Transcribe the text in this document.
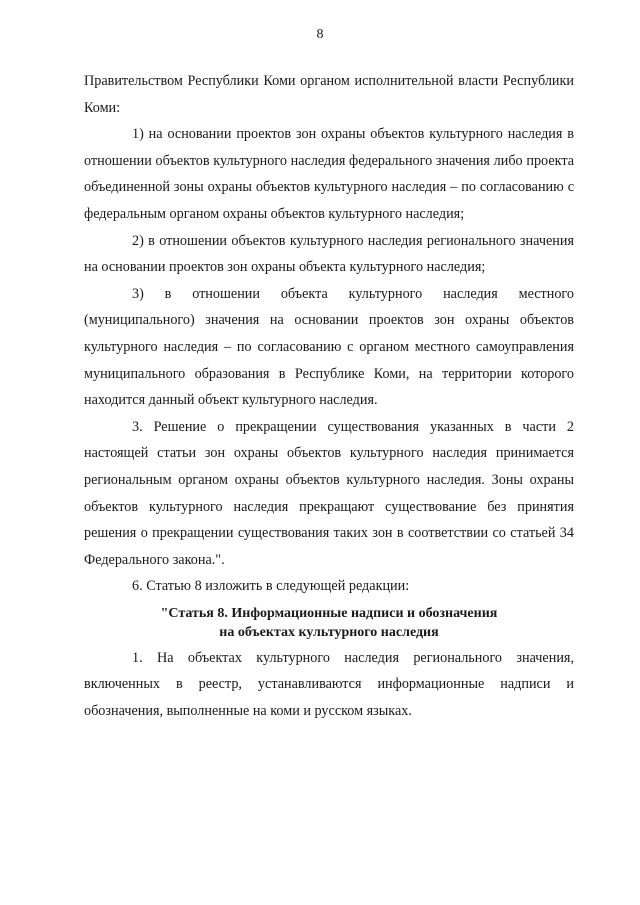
8

Правительством Республики Коми органом исполнительной власти Республики Коми:

1) на основании проектов зон охраны объектов культурного наследия в отношении объектов культурного наследия федерального значения либо проекта объединенной зоны охраны объектов культурного наследия – по согласованию с федеральным органом охраны объектов культурного наследия;

2) в отношении объектов культурного наследия регионального значения на основании проектов зон охраны объекта культурного наследия;

3) в отношении объекта культурного наследия местного (муниципального) значения на основании проектов зон охраны объектов культурного наследия – по согласованию с органом местного самоуправления муниципального образования в Республике Коми, на территории которого находится данный объект культурного наследия.

3. Решение о прекращении существования указанных в части 2 настоящей статьи зон охраны объектов культурного наследия принимается региональным органом охраны объектов культурного наследия. Зоны охраны объектов культурного наследия прекращают существование без принятия решения о прекращении существования таких зон в соответствии со статьей 34 Федерального закона.".

6. Статью 8 изложить в следующей редакции:

"Статья 8. Информационные надписи и обозначения
на объектах культурного наследия

1. На объектах культурного наследия регионального значения, включенных в реестр, устанавливаются информационные надписи и обозначения, выполненные на коми и русском языках.
